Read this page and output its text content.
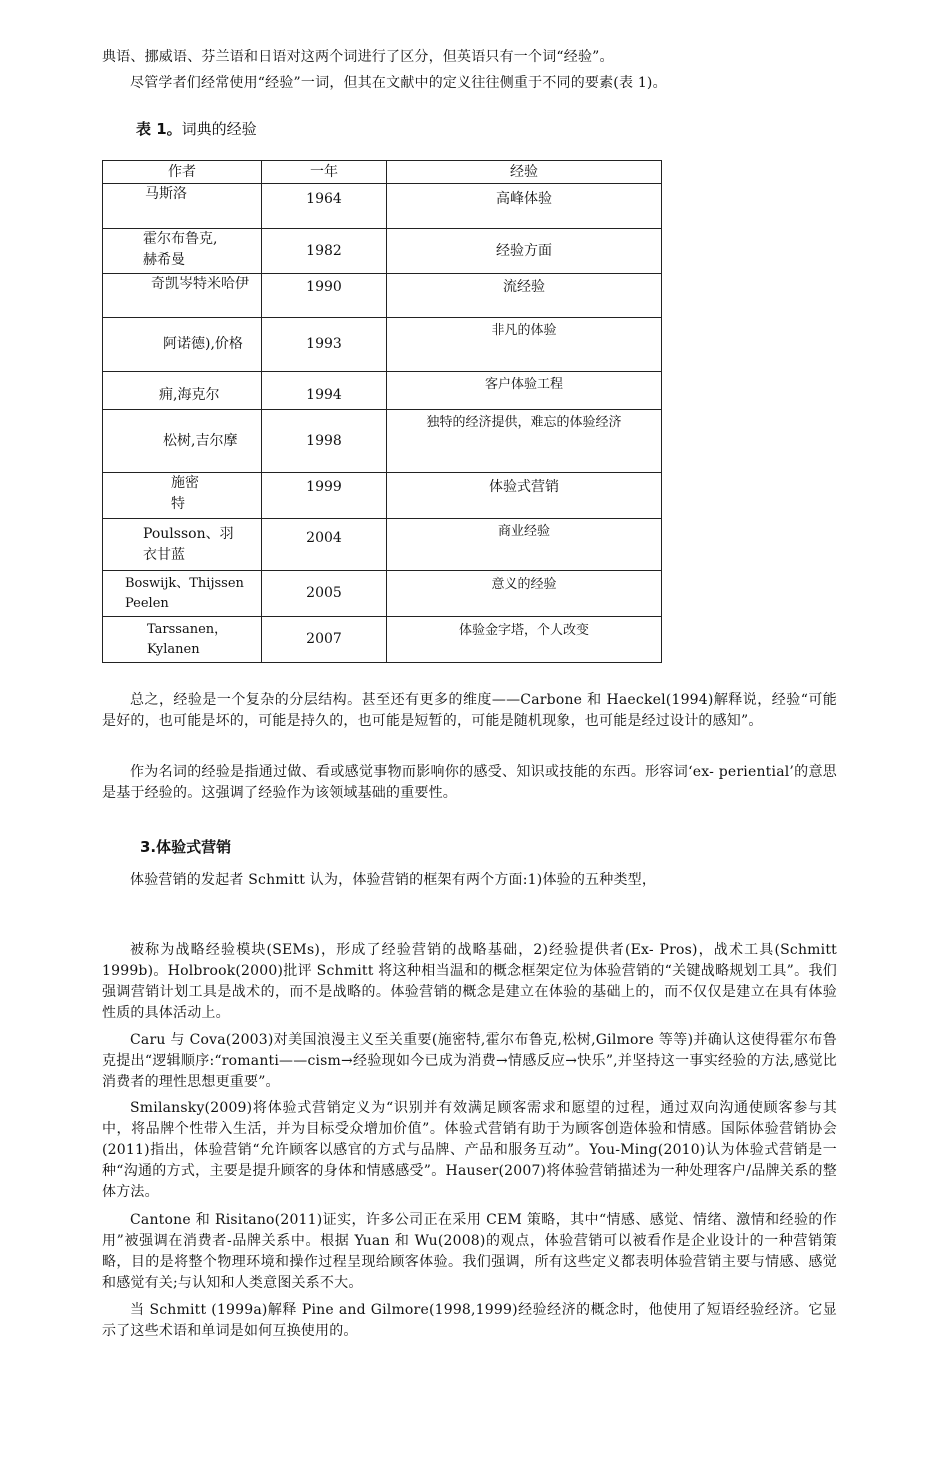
典语、挪威语、芬兰语和日语对这两个词进行了区分，但英语只有一个词“经验”。

尽管学者们经常使用“经验”一词，但其在文献中的定义往往侧重于不同的要素(表 1)。

表 1。词典的经验

作者	一年	经验

马斯洛	1964	高峰体验

霍尔布鲁克,赫希曼	1982	经验方面

奇凯岑特米哈伊	1990	流经验

阿诺德),价格	1993	非凡的体验

痈,海克尔	1994	客户体验工程

松树,吉尔摩	1998	独特的经济提供，难忘的体验经济

施密特	1999	体验式营销

Poulsson、羽衣甘蓝	2004	商业经验

Boswijk、Thijssen Peelen	2005	意义的经验

Tarssanen，Kylanen	2007	体验金字塔，个人改变

总之，经验是一个复杂的分层结构。甚至还有更多的维度——Carbone 和 Haeckel(1994)解释说，经验“可能是好的，也可能是坏的，可能是持久的，也可能是短暂的，可能是随机现象，也可能是经过设计的感知”。

作为名词的经验是指通过做、看或感觉事物而影响你的感受、知识或技能的东西。形容词‘ex- periential’的意思是基于经验的。这强调了经验作为该领域基础的重要性。

3.体验式营销

体验营销的发起者 Schmitt 认为，体验营销的框架有两个方面:1)体验的五种类型，

被称为战略经验模块(SEMs)，形成了经验营销的战略基础，2)经验提供者(Ex- Pros)，战术工具(Schmitt 1999b)。Holbrook(2000)批评 Schmitt 将这种相当温和的概念框架定位为体验营销的“关键战略规划工具”。我们强调营销计划工具是战术的，而不是战略的。体验营销的概念是建立在体验的基础上的，而不仅仅是建立在具有体验性质的具体活动上。

Caru 与 Cova(2003)对美国浪漫主义至关重要(施密特,霍尔布鲁克,松树,Gilmore 等等)并确认这使得霍尔布鲁克提出“逻辑顺序:“romanti——cism→经验现如今已成为消费→情感反应→快乐”,并坚持这一事实经验的方法,感觉比消费者的理性思想更重要”。

Smilansky(2009)将体验式营销定义为“识别并有效满足顾客需求和愿望的过程，通过双向沟通使顾客参与其中，将品牌个性带入生活，并为目标受众增加价值”。体验式营销有助于为顾客创造体验和情感。国际体验营销协会(2011)指出，体验营销“允许顾客以感官的方式与品牌、产品和服务互动”。You-Ming(2010)认为体验式营销是一种“沟通的方式，主要是提升顾客的身体和情感感受”。Hauser(2007)将体验营销描述为一种处理客户/品牌关系的整体方法。

Cantone 和 Risitano(2011)证实，许多公司正在采用 CEM 策略，其中“情感、感觉、情绪、激情和经验的作用”被强调在消费者-品牌关系中。根据 Yuan 和 Wu(2008)的观点，体验营销可以被看作是企业设计的一种营销策略，目的是将整个物理环境和操作过程呈现给顾客体验。我们强调，所有这些定义都表明体验营销主要与情感、感觉和感觉有关;与认知和人类意图关系不大。

当 Schmitt (1999a)解释 Pine and Gilmore(1998,1999)经验经济的概念时，他使用了短语经验经济。它显示了这些术语和单词是如何互换使用的。
